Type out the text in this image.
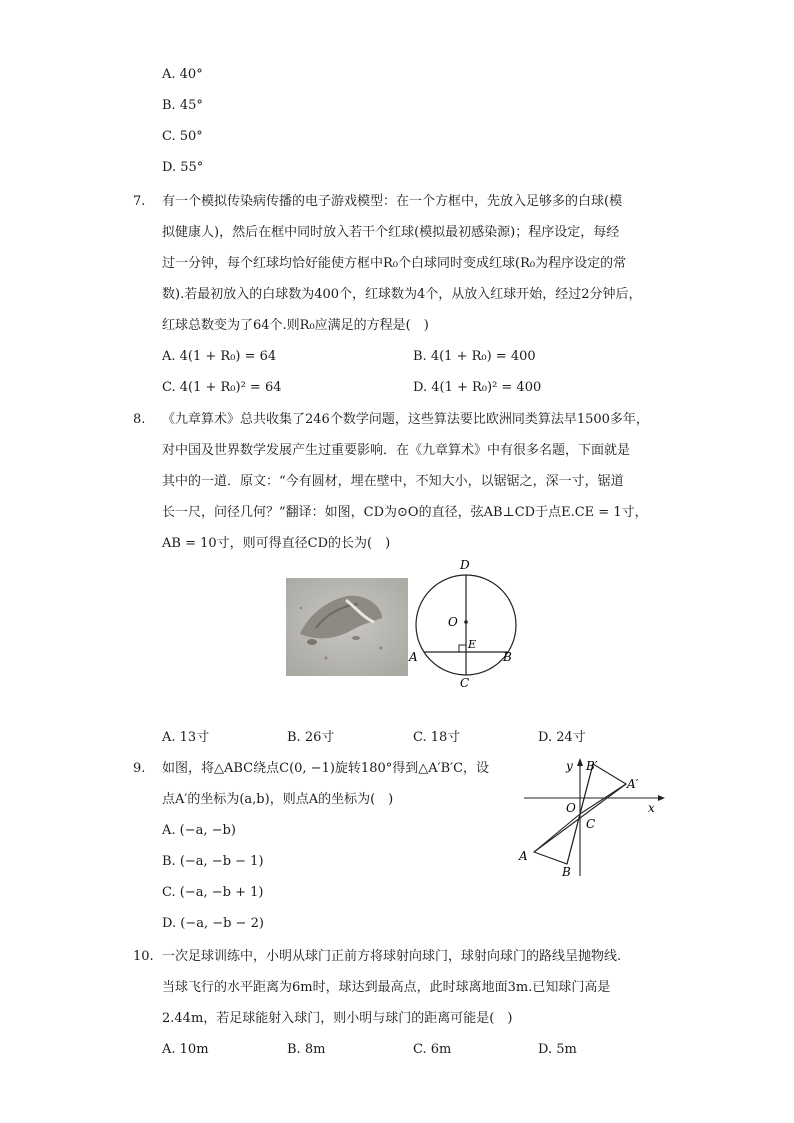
A. 40°
B. 45°
C. 50°
D. 55°
7. 有一个模拟传染病传播的电子游戏模型：在一个方框中，先放入足够多的白球(模
拟健康人)，然后在框中同时放入若干个红球(模拟最初感染源)；程序设定，每经
过一分钟，每个红球均恰好能使方框中R₀个白球同时变成红球(R₀为程序设定的常
数).若最初放入的白球数为400个，红球数为4个，从放入红球开始，经过2分钟后，
红球总数变为了64个.则R₀应满足的方程是(　)
A. 4(1 + R₀) = 64	B. 4(1 + R₀) = 400
C. 4(1 + R₀)² = 64	D. 4(1 + R₀)² = 400
8. 《九章算术》总共收集了246个数学问题，这些算法要比欧洲同类算法早1500多年，
对中国及世界数学发展产生过重要影响．在《九章算术》中有很多名题，下面就是
其中的一道．原文：“今有圆材，埋在壁中，不知大小，以锯锯之，深一寸，锯道
长一尺，问径几何？”翻译：如图，CD为⊙O的直径，弦AB⊥CD于点E.CE = 1寸，
AB = 10寸，则可得直径CD的长为(　)
D
O
E
A	B
C
A. 13寸	B. 26寸	C. 18寸	D. 24寸
9. 如图，将△ABC绕点C(0, −1)旋转180°得到△A′B′C，设
点A′的坐标为(a,b)，则点A的坐标为(　)
A. (−a, −b)
B. (−a, −b − 1)
C. (−a, −b + 1)
D. (−a, −b − 2)
y B′
A′
O	x
C
A
B
10. 一次足球训练中，小明从球门正前方将球射向球门，球射向球门的路线呈抛物线.
当球飞行的水平距离为6m时，球达到最高点，此时球离地面3m.已知球门高是
2.44m，若足球能射入球门，则小明与球门的距离可能是(　)
A. 10m	B. 8m	C. 6m	D. 5m
